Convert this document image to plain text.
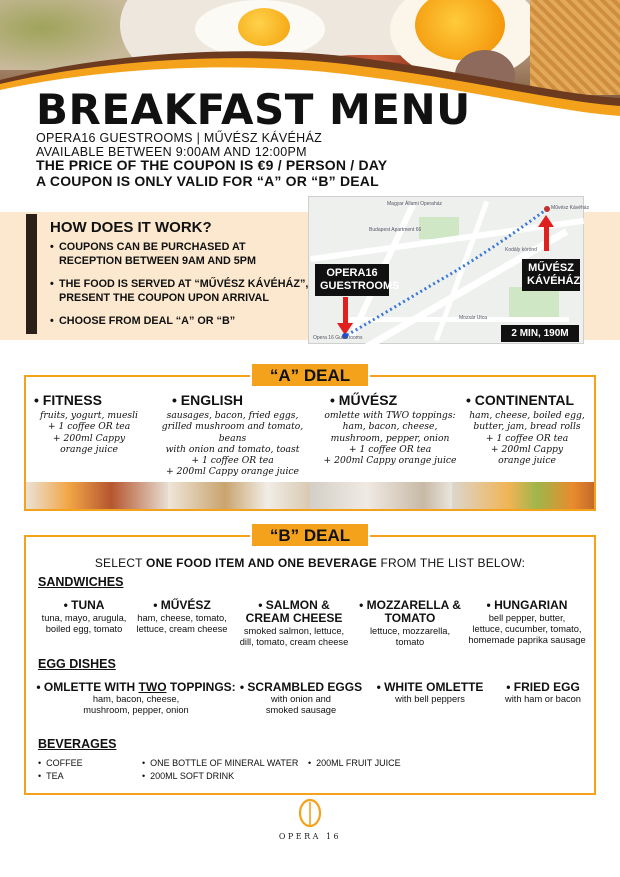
BREAKFAST MENU
OPERA16 GUESTROOMS | MŰVÉSZ KÁVÉHÁZ
AVAILABLE BETWEEN 9:00AM AND 12:00PM
THE PRICE OF THE COUPON IS €9 / PERSON / DAY
A COUPON IS ONLY VALID FOR “A” OR “B” DEAL
HOW DOES IT WORK?
• COUPONS CAN BE PURCHASED AT RECEPTION BETWEEN 9AM AND 5PM
• THE FOOD IS SERVED AT “MŰVÉSZ KÁVÉHÁZ”, PRESENT THE COUPON UPON ARRIVAL
• CHOOSE FROM DEAL “A” OR “B”
Magyar Állami Operaház
Opera 16 Guestrooms
Művész Kávéház
Budapest Apartment 66
Mozsár Utca
Kodály körönd
OPERA16 GUESTROOMS
MŰVÉSZ KÁVÉHÁZ
2 MIN, 190M
“A” DEAL
• FITNESS

fruits, yogurt, muesli
+ 1 coffee OR tea
+ 200ml Cappy
orange juice

• ENGLISH

sausages, bacon, fried eggs,
grilled mushroom and tomato, beans
with onion and tomato, toast
+ 1 coffee OR tea
+ 200ml Cappy orange juice

• MŰVÉSZ

omlette with TWO toppings:
ham, bacon, cheese,
mushroom, pepper, onion
+ 1 coffee OR tea
+ 200ml Cappy orange juice

• CONTINENTAL

ham, cheese, boiled egg,
butter, jam, bread rolls
+ 1 coffee OR tea
+ 200ml Cappy
orange juice

“B” DEAL
SELECT ONE FOOD ITEM AND ONE BEVERAGE FROM THE LIST BELOW:
SANDWICHES
• TUNA

tuna, mayo, arugula,
boiled egg, tomato

• MŰVÉSZ

ham, cheese, tomato,
lettuce, cream cheese

• SALMON &
CREAM CHEESE

smoked salmon, lettuce,
dill, tomato, cream cheese

• MOZZARELLA &
TOMATO

lettuce, mozzarella,
tomato

• HUNGARIAN

bell pepper, butter,
lettuce, cucumber, tomato,
homemade paprika sausage

EGG DISHES
• OMLETTE WITH TWO TOPPINGS:

ham, bacon, cheese,
mushroom, pepper, onion

• SCRAMBLED EGGS

with onion and
smoked sausage

• WHITE OMLETTE

with bell peppers

• FRIED EGG

with ham or bacon

BEVERAGES
•  COFFEE
•  TEA
•  ONE BOTTLE OF MINERAL WATER
•  200ML SOFT DRINK
•  200ML FRUIT JUICE
OPERA 16
